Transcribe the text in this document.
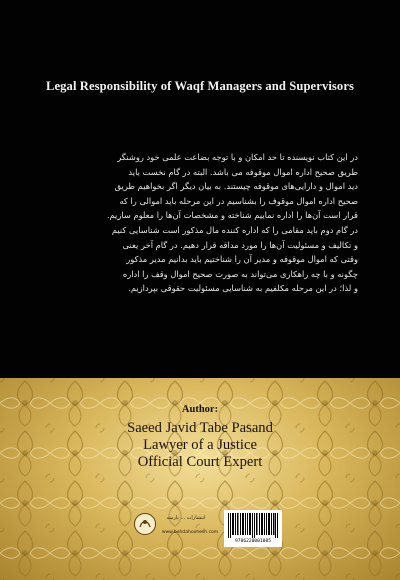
Legal Responsibility of Waqf Managers and Supervisors
در این کتاب نویسنده تا حد امکان و با توجه بضاعت علمی خود روشنگر
طریق صحیح اداره اموال موقوفه می باشد. البته در گام نخست باید
دید اموال و دارایی‌های موقوفه چیستند. به بیان دیگر اگر بخواهیم طریق
صحیح اداره اموال موقوف را بشناسیم در این مرحله باید اموالی را که
قرار است آن‌ها را اداره نماییم شناخته و مشخصات آن‌ها را معلوم سازیم.
در گام دوم باید مقامی را که اداره کننده مال مذکور است شناسایی کنیم
و تکالیف و مسئولیت آن‌ها را مورد مداقه قرار دهیم. در گام آخر یعنی
وقتی که اموال موقوفه و مدیر آن را شناختیم باید بدانیم مدیر مذکور
چگونه و با چه راهکاری می‌تواند به صورت صحیح اموال وقف را اداره
و لذا؛ در این مرحله مکلفیم به شناسایی مسئولیت حقوقی بپردازیم.
Author:
Saeed Javid Tabe Pasand
Lawyer of a Justice
Official Court Expert
انتشارات ... پارسه
www.behdahoohesh.com
9786220001005
